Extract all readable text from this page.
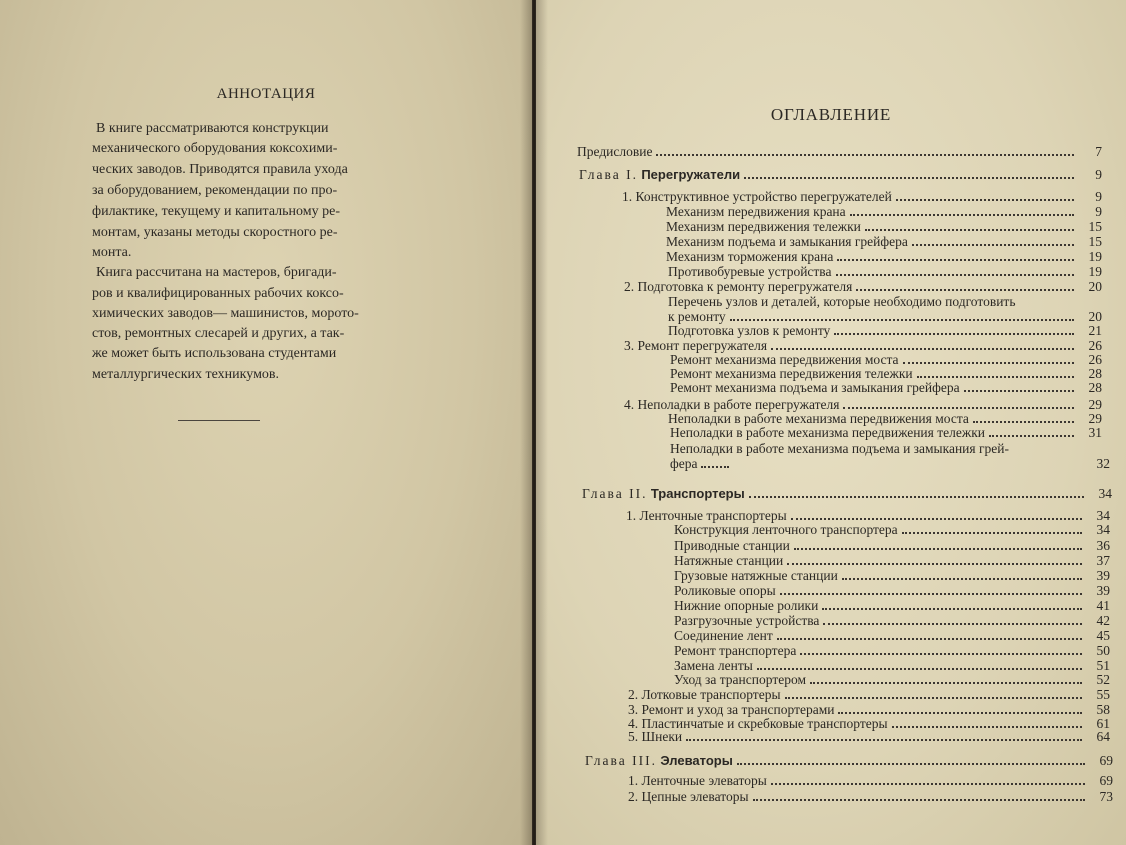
АННОТАЦИЯ
В книге рассматриваются конструкции
механического оборудования коксохими-
ческих заводов. Приводятся правила ухода
за оборудованием, рекомендации по про-
филактике, текущему и капитальному ре-
монтам, указаны методы скоростного ре-
монта.
Книга рассчитана на мастеров, бригади-
ров и квалифицированных рабочих коксо-
химических заводов— машинистов, морото-
стов, ремонтных слесарей и других, а так-
же может быть использована студентами
металлургических техникумов.
ОГЛАВЛЕНИЕ
Предисловие	7
Глава I. Перегружатели	9
1. Конструктивное устройство перегружателей	9
Механизм передвижения крана	9
Механизм передвижения тележки	15
Механизм подъема и замыкания грейфера	15
Механизм торможения крана	19
Противобуревые устройства	19
2. Подготовка к ремонту перегружателя	20
Перечень узлов и деталей, которые необходимо подготовить
к ремонту	20
Подготовка узлов к ремонту	21
3. Ремонт перегружателя	26
Ремонт механизма передвижения моста	26
Ремонт механизма передвижения тележки	28
Ремонт механизма подъема и замыкания грейфера	28
4. Неполадки в работе перегружателя	29
Неполадки в работе механизма передвижения моста	29
Неполадки в работе механизма передвижения тележки	31
Неполадки в работе механизма подъема и замыкания грей-
фера	32
Глава II. Транспортеры	34
1. Ленточные транспортеры	34
Конструкция ленточного транспортера	34
Приводные станции	36
Натяжные станции	37
Грузовые натяжные станции	39
Роликовые опоры	39
Нижние опорные ролики	41
Разгрузочные устройства	42
Соединение лент	45
Ремонт транспортера	50
Замена ленты	51
Уход за транспортером	52
2. Лотковые транспортеры	55
3. Ремонт и уход за транспортерами	58
4. Пластинчатые и скребковые транспортеры	61
5. Шнеки	64
Глава III. Элеваторы	69
1. Ленточные элеваторы	69
2. Цепные элеваторы	73
